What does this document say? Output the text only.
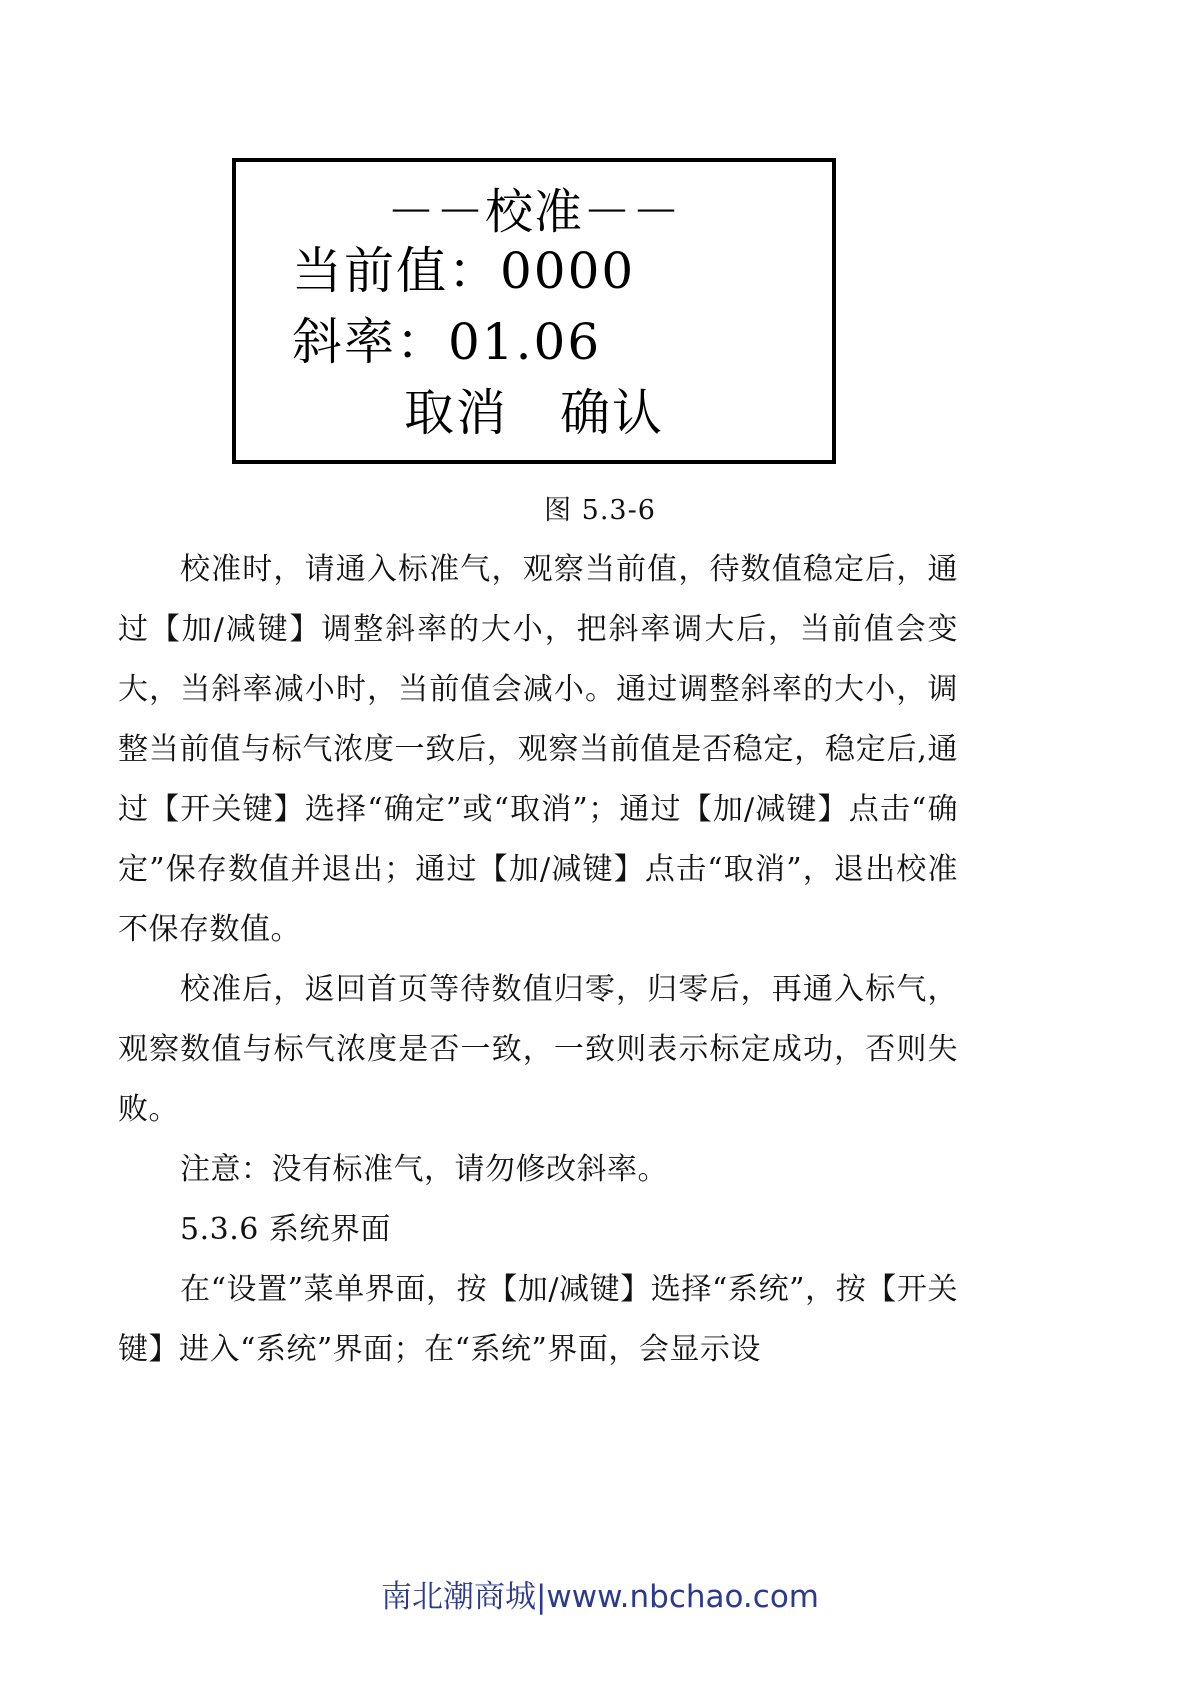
－－校准－－
当前值：0000
斜率：01.06
取消 确认
图 5.3-6

校准时，请通入标准气，观察当前值，待数值稳定后，通过【加/减键】调整斜率的大小，把斜率调大后，当前值会变大，当斜率减小时，当前值会减小。通过调整斜率的大小，调整当前值与标气浓度一致后，观察当前值是否稳定，稳定后,通过【开关键】选择“确定”或“取消”；通过【加/减键】点击“确定”保存数值并退出；通过【加/减键】点击“取消”，退出校准不保存数值。

校准后，返回首页等待数值归零，归零后，再通入标气，观察数值与标气浓度是否一致，一致则表示标定成功，否则失败。

注意：没有标准气，请勿修改斜率。

5.3.6 系统界面

在“设置”菜单界面，按【加/减键】选择“系统”，按【开关键】进入“系统”界面；在“系统”界面，会显示设

南北潮商城|www.nbchao.com
